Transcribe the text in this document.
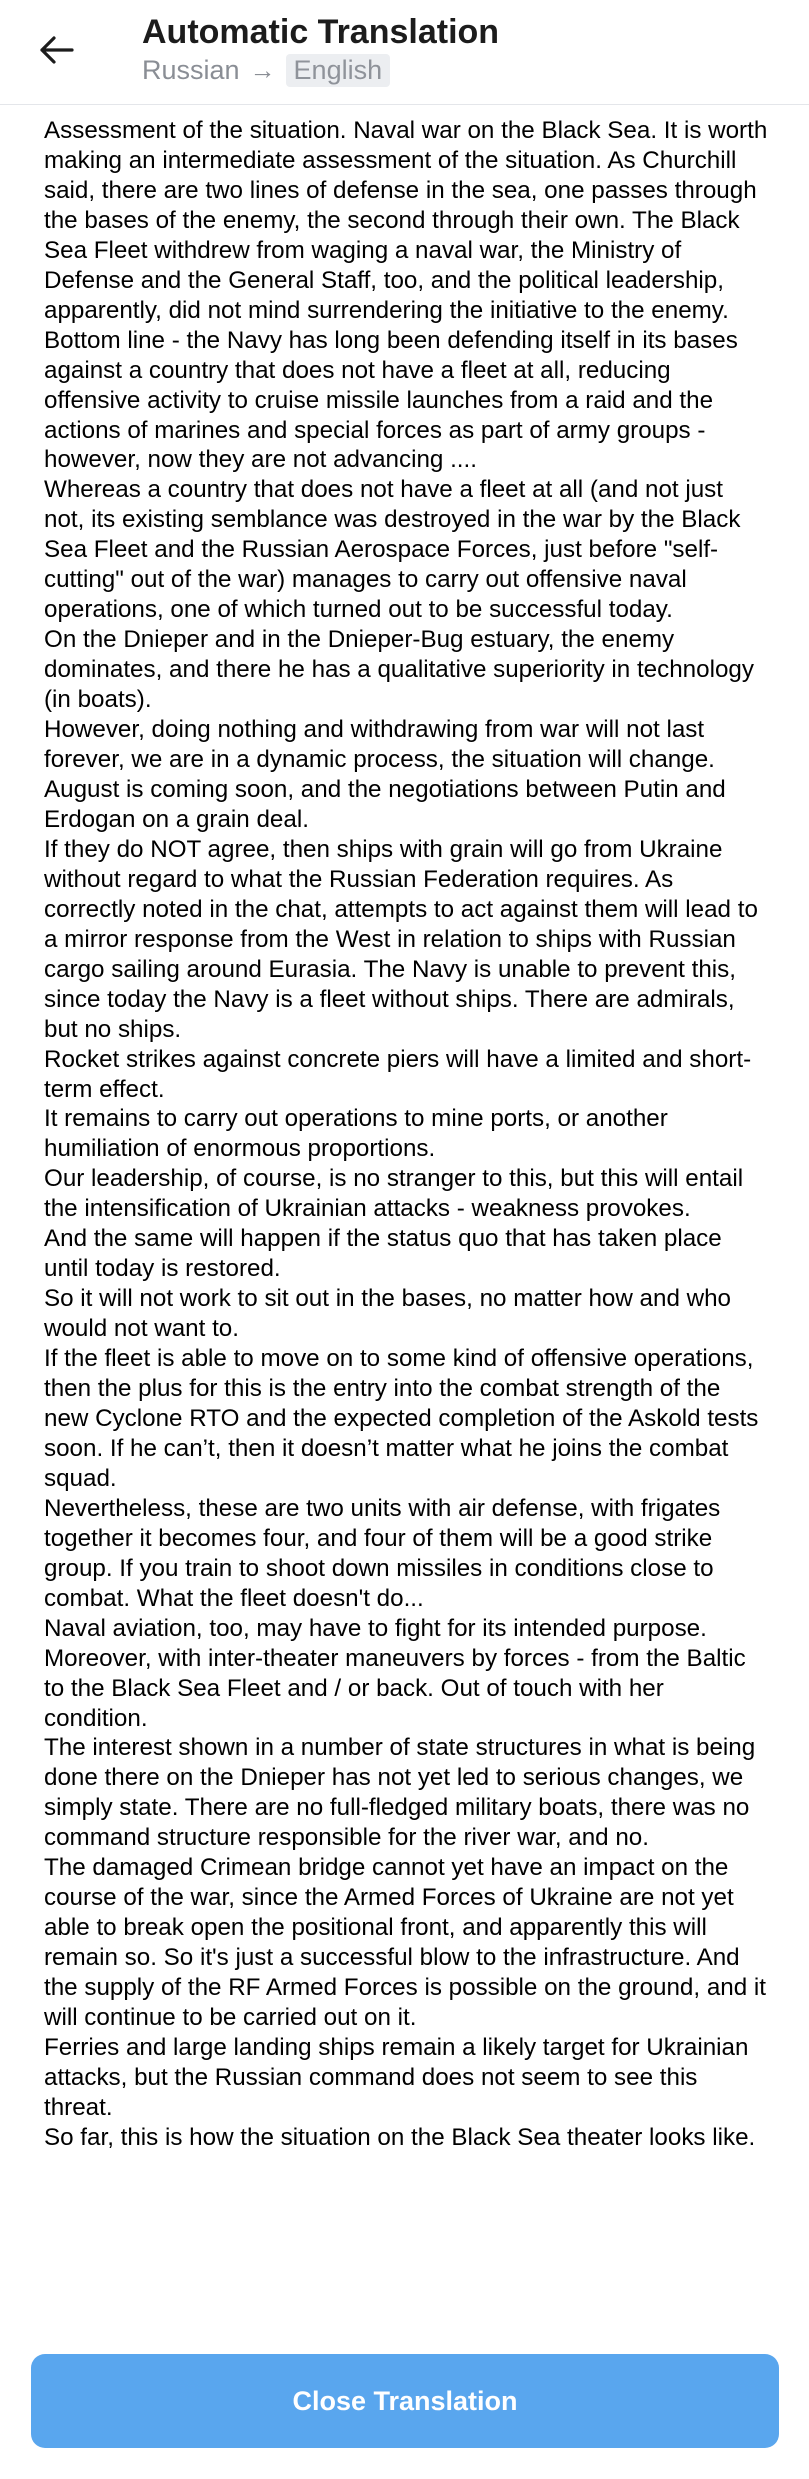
Automatic Translation
Russian → English

Assessment of the situation. Naval war on the Black Sea. It is worth making an intermediate assessment of the situation. As Churchill said, there are two lines of defense in the sea, one passes through the bases of the enemy, the second through their own. The Black Sea Fleet withdrew from waging a naval war, the Ministry of Defense and the General Staff, too, and the political leadership, apparently, did not mind surrendering the initiative to the enemy. Bottom line - the Navy has long been defending itself in its bases against a country that does not have a fleet at all, reducing offensive activity to cruise missile launches from a raid and the actions of marines and special forces as part of army groups - however, now they are not advancing ....

Whereas a country that does not have a fleet at all (and not just not, its existing semblance was destroyed in the war by the Black Sea Fleet and the Russian Aerospace Forces, just before "self-cutting" out of the war) manages to carry out offensive naval operations, one of which turned out to be successful today.

On the Dnieper and in the Dnieper-Bug estuary, the enemy dominates, and there he has a qualitative superiority in technology (in boats).

However, doing nothing and withdrawing from war will not last forever, we are in a dynamic process, the situation will change. August is coming soon, and the negotiations between Putin and Erdogan on a grain deal.

If they do NOT agree, then ships with grain will go from Ukraine without regard to what the Russian Federation requires. As correctly noted in the chat, attempts to act against them will lead to a mirror response from the West in relation to ships with Russian cargo sailing around Eurasia. The Navy is unable to prevent this, since today the Navy is a fleet without ships. There are admirals, but no ships.

Rocket strikes against concrete piers will have a limited and short-term effect.

It remains to carry out operations to mine ports, or another humiliation of enormous proportions.

Our leadership, of course, is no stranger to this, but this will entail the intensification of Ukrainian attacks - weakness provokes.

And the same will happen if the status quo that has taken place until today is restored.

So it will not work to sit out in the bases, no matter how and who would not want to.

If the fleet is able to move on to some kind of offensive operations, then the plus for this is the entry into the combat strength of the new Cyclone RTO and the expected completion of the Askold tests soon. If he can’t, then it doesn’t matter what he joins the combat squad.

Nevertheless, these are two units with air defense, with frigates together it becomes four, and four of them will be a good strike group. If you train to shoot down missiles in conditions close to combat. What the fleet doesn't do...

Naval aviation, too, may have to fight for its intended purpose. Moreover, with inter-theater maneuvers by forces - from the Baltic to the Black Sea Fleet and / or back. Out of touch with her condition.

The interest shown in a number of state structures in what is being done there on the Dnieper has not yet led to serious changes, we simply state. There are no full-fledged military boats, there was no command structure responsible for the river war, and no.

The damaged Crimean bridge cannot yet have an impact on the course of the war, since the Armed Forces of Ukraine are not yet able to break open the positional front, and apparently this will remain so. So it's just a successful blow to the infrastructure. And the supply of the RF Armed Forces is possible on the ground, and it will continue to be carried out on it.

Ferries and large landing ships remain a likely target for Ukrainian attacks, but the Russian command does not seem to see this threat.

So far, this is how the situation on the Black Sea theater looks like.

Close Translation
